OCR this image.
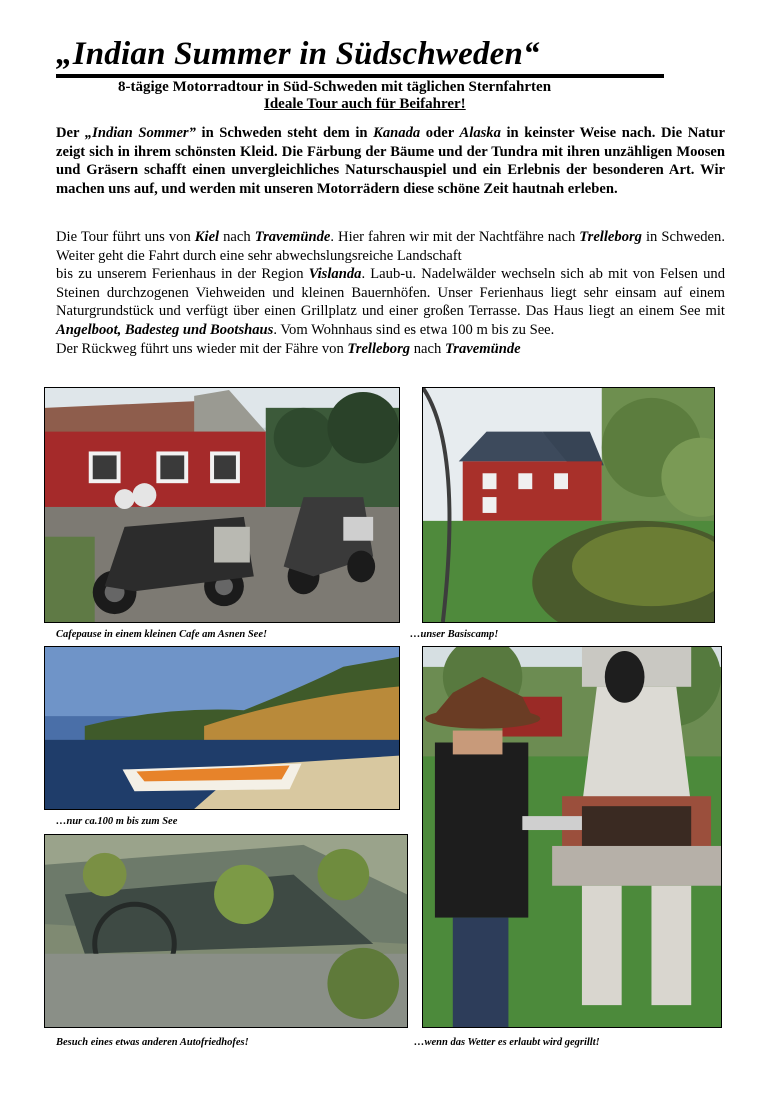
„Indian Summer in Südschweden“

8-tägige Motorradtour in Süd-Schweden mit täglichen Sternfahrten

Ideale Tour auch für Beifahrer!

Der „Indian Sommer” in Schweden steht dem in Kanada oder Alaska in keinster Weise nach. Die Natur zeigt sich in ihrem schönsten Kleid. Die Färbung der Bäume und der Tundra mit ihren unzähligen Moosen und Gräsern schafft einen unvergleichliches Naturschauspiel und ein Erlebnis der besonderen Art. Wir machen uns auf, und werden mit unseren Motorrädern diese schöne Zeit hautnah erleben.

Die Tour führt uns von Kiel nach Travemünde. Hier fahren wir mit der Nachtfähre nach Trelleborg in Schweden. Weiter geht die Fahrt durch eine sehr abwechslungsreiche Landschaft
bis zu unserem Ferienhaus in der Region Vislanda. Laub-u. Nadelwälder wechseln sich ab mit von Felsen und Steinen durchzogenen Viehweiden und kleinen Bauernhöfen. Unser Ferienhaus liegt sehr einsam auf einem Naturgrundstück und verfügt über einen Grillplatz und einer großen Terrasse. Das Haus liegt an einem See mit Angelboot, Badesteg und Bootshaus. Vom Wohnhaus sind es etwa 100 m bis zu See.
Der Rückweg führt uns wieder mit der Fähre von Trelleborg nach Travemünde

Cafepause in einem kleinen Cafe am Asnen See!	…unser Basiscamp!

…nur ca.100 m bis zum See

Besuch eines etwas anderen Autofriedhofes!	…wenn das Wetter es erlaubt wird gegrillt!
